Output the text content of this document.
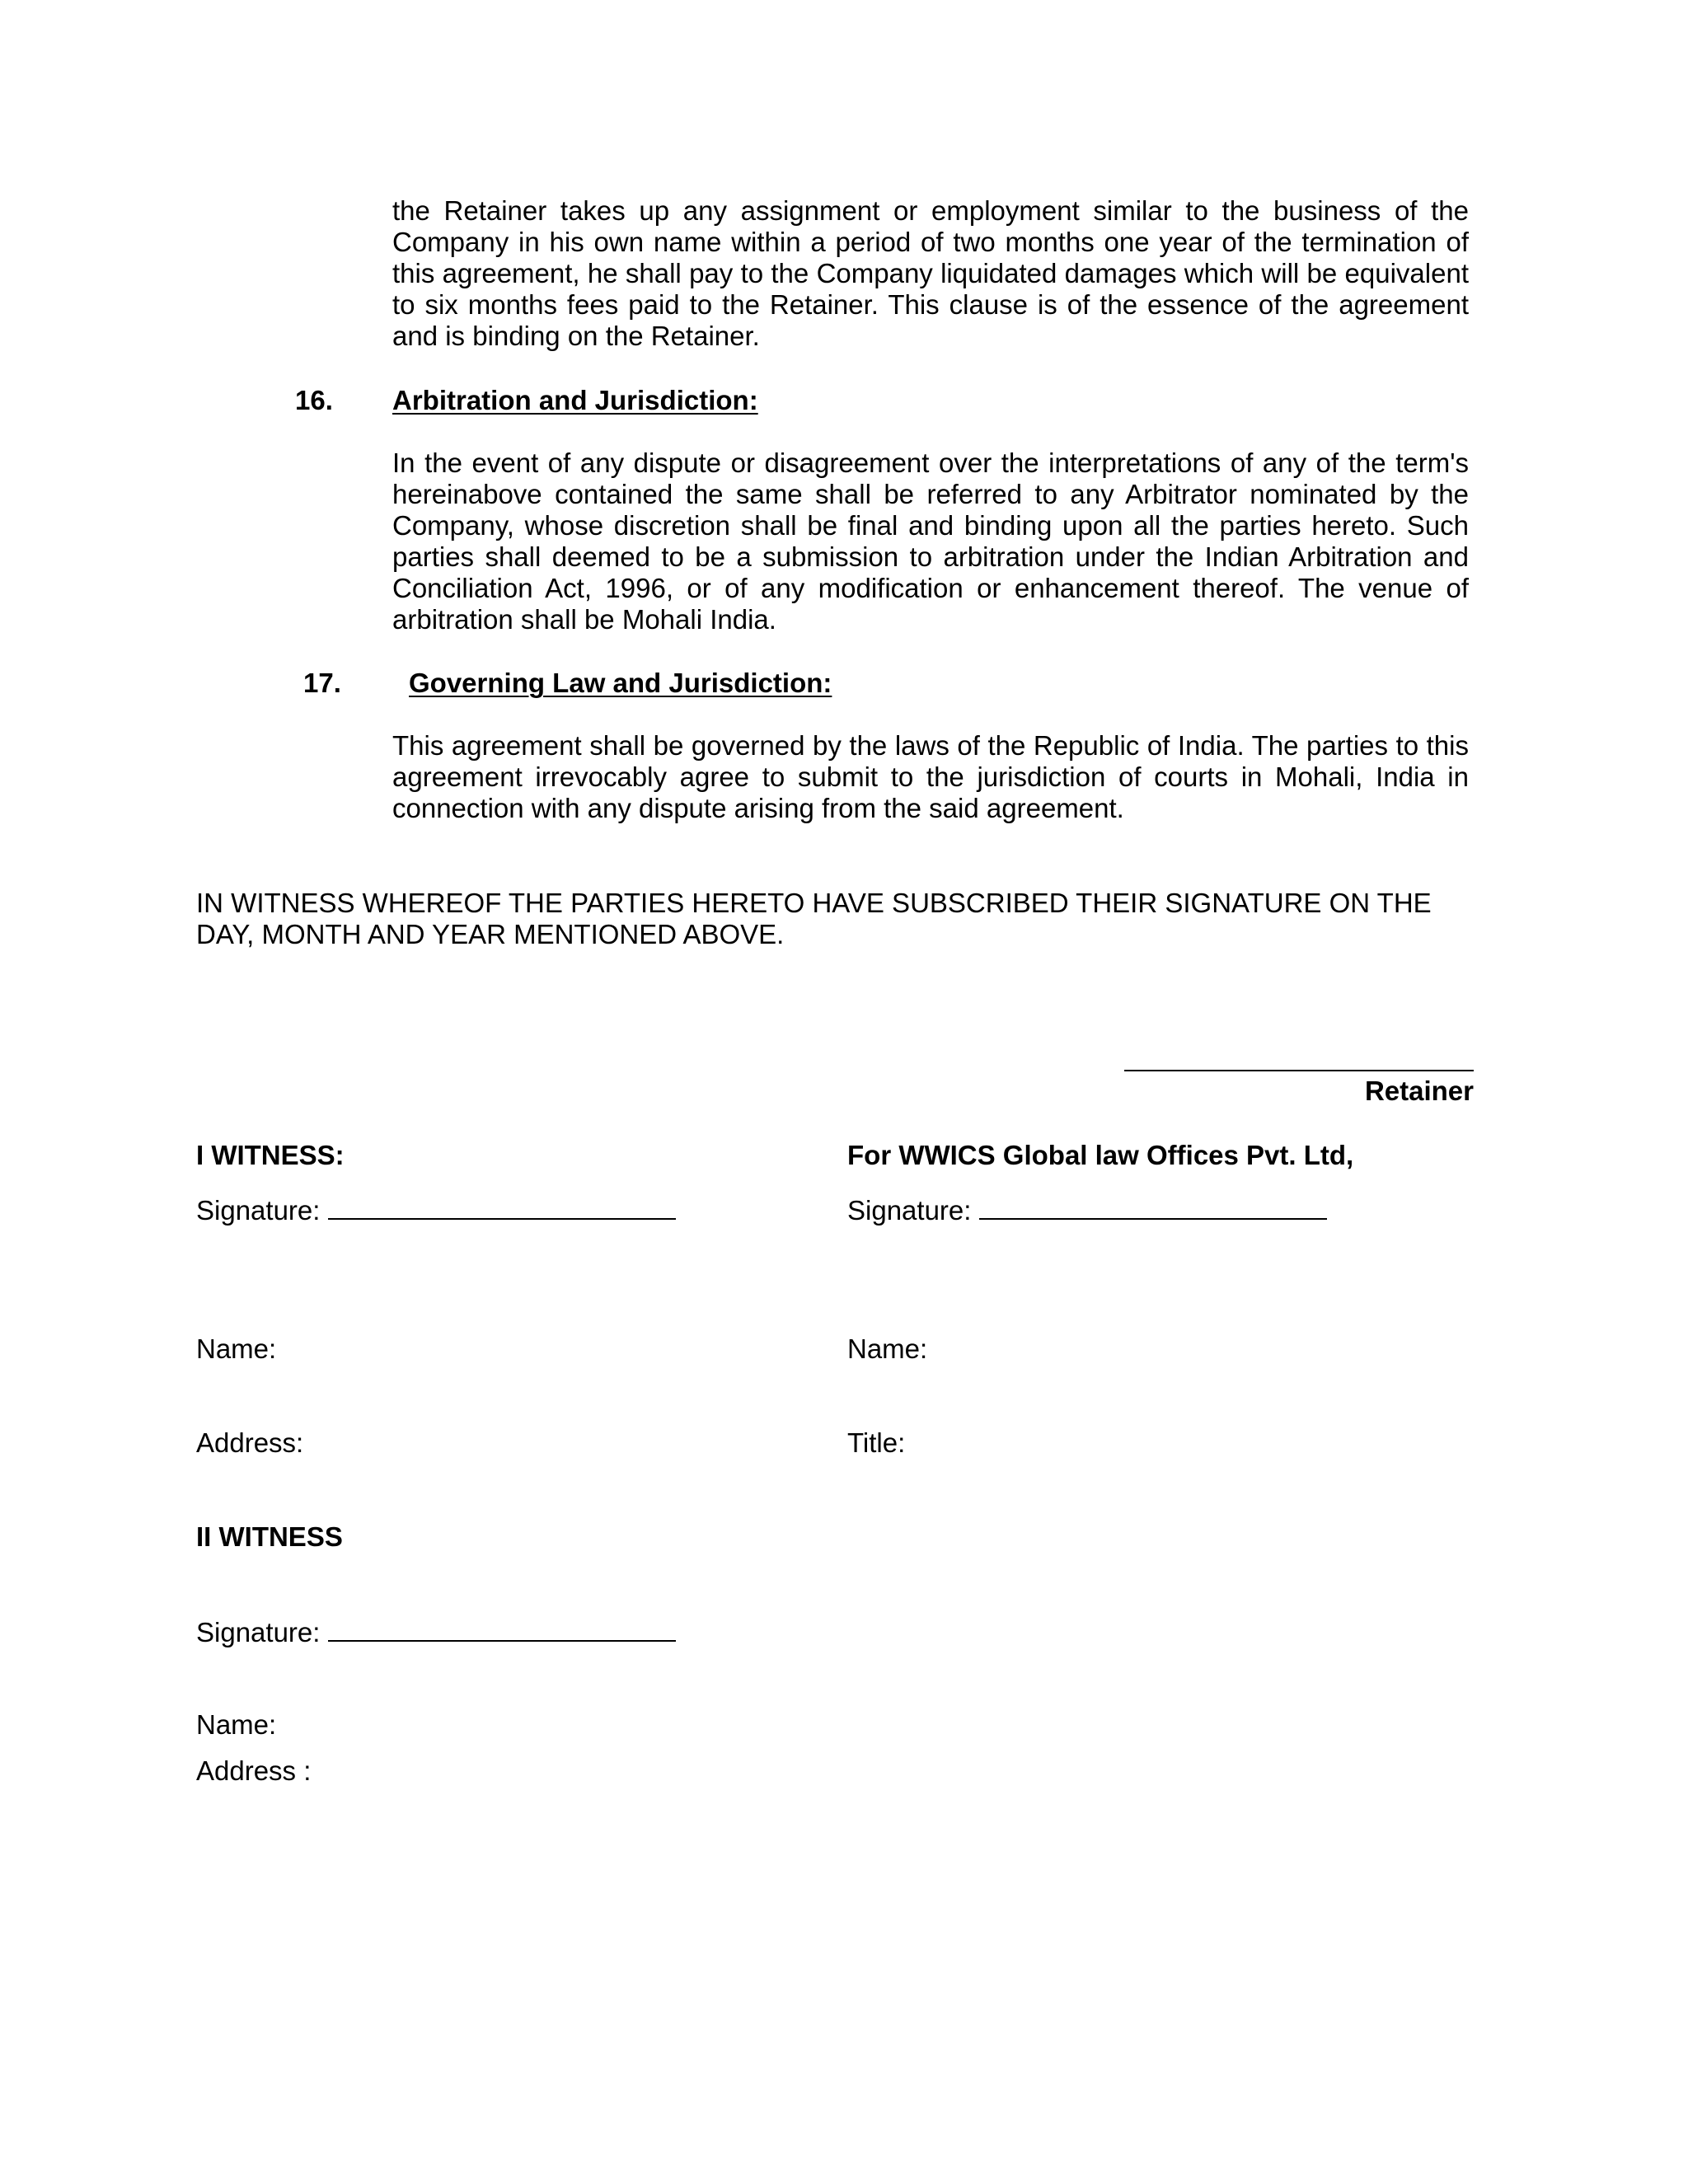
the Retainer takes up any assignment or employment similar to the business of the Company in his own name within a period of two months one year of the termination of this agreement, he shall pay to the Company liquidated damages which will be equivalent to six months fees paid to the Retainer. This clause is of the essence of the agreement and is binding on the Retainer.

16. Arbitration and Jurisdiction:

In the event of any dispute or disagreement over the interpretations of any of the term's hereinabove contained the same shall be referred to any Arbitrator nominated by the Company, whose discretion shall be final and binding upon all the parties hereto. Such parties shall deemed to be a submission to arbitration under the Indian Arbitration and Conciliation Act, 1996, or of any modification or enhancement thereof. The venue of arbitration shall be Mohali India.

17. Governing Law and Jurisdiction:

This agreement shall be governed by the laws of the Republic of India. The parties to this agreement irrevocably agree to submit to the jurisdiction of courts in Mohali, India in connection with any dispute arising from the said agreement.

IN WITNESS WHEREOF THE PARTIES HERETO HAVE SUBSCRIBED THEIR SIGNATURE ON THE DAY, MONTH AND YEAR MENTIONED ABOVE.

Retainer
I WITNESS:
Signature:
Name:
Address:
For WWICS Global law Offices Pvt. Ltd,
Signature:
Name:
Title:
II WITNESS
Signature:
Name:
Address :
